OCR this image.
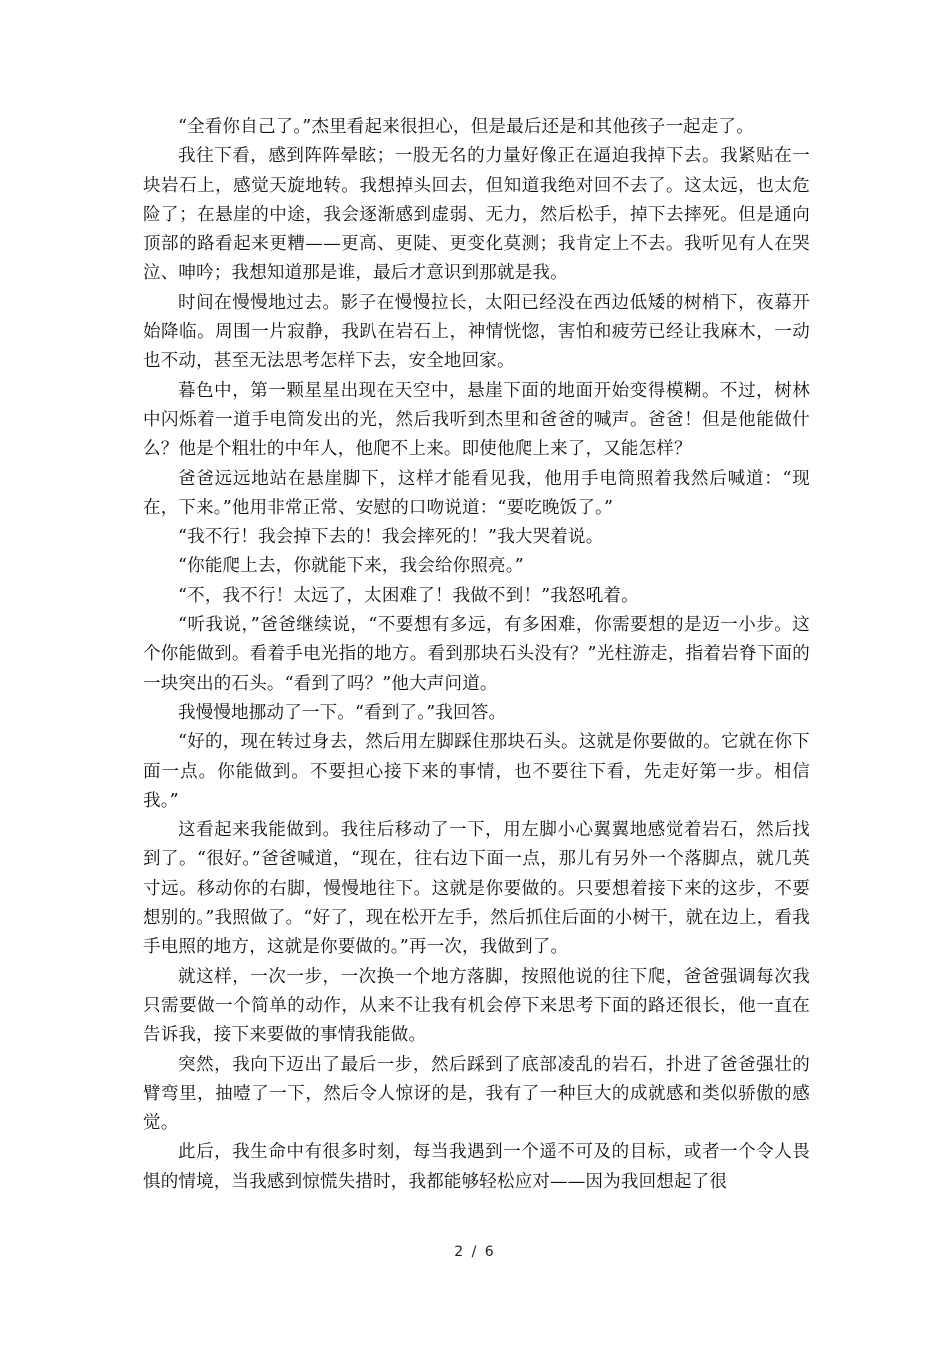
“全看你自己了。”杰里看起来很担心，但是最后还是和其他孩子一起走了。

我往下看，感到阵阵晕眩；一股无名的力量好像正在逼迫我掉下去。我紧贴在一块岩石上，感觉天旋地转。我想掉头回去，但知道我绝对回不去了。这太远，也太危险了；在悬崖的中途，我会逐渐感到虚弱、无力，然后松手，掉下去摔死。但是通向顶部的路看起来更糟——更高、更陡、更变化莫测；我肯定上不去。我听见有人在哭泣、呻吟；我想知道那是谁，最后才意识到那就是我。

时间在慢慢地过去。影子在慢慢拉长，太阳已经没在西边低矮的树梢下，夜幕开始降临。周围一片寂静，我趴在岩石上，神情恍惚，害怕和疲劳已经让我麻木，一动也不动，甚至无法思考怎样下去，安全地回家。

暮色中，第一颗星星出现在天空中，悬崖下面的地面开始变得模糊。不过，树林中闪烁着一道手电筒发出的光，然后我听到杰里和爸爸的喊声。爸爸！但是他能做什么？他是个粗壮的中年人，他爬不上来。即使他爬上来了，又能怎样？

爸爸远远地站在悬崖脚下，这样才能看见我，他用手电筒照着我然后喊道：“现在，下来。”他用非常正常、安慰的口吻说道：“要吃晚饭了。”

“我不行！我会掉下去的！我会摔死的！”我大哭着说。

“你能爬上去，你就能下来，我会给你照亮。”

“不，我不行！太远了，太困难了！我做不到！”我怒吼着。

“听我说，”爸爸继续说，“不要想有多远，有多困难，你需要想的是迈一小步。这个你能做到。看着手电光指的地方。看到那块石头没有？”光柱游走，指着岩脊下面的一块突出的石头。“看到了吗？”他大声问道。

我慢慢地挪动了一下。“看到了。”我回答。

“好的，现在转过身去，然后用左脚踩住那块石头。这就是你要做的。它就在你下面一点。你能做到。不要担心接下来的事情，也不要往下看，先走好第一步。相信我。”

这看起来我能做到。我往后移动了一下，用左脚小心翼翼地感觉着岩石，然后找到了。“很好。”爸爸喊道，“现在，往右边下面一点，那儿有另外一个落脚点，就几英寸远。移动你的右脚，慢慢地往下。这就是你要做的。只要想着接下来的这步，不要想别的。”我照做了。“好了，现在松开左手，然后抓住后面的小树干，就在边上，看我手电照的地方，这就是你要做的。”再一次，我做到了。

就这样，一次一步，一次换一个地方落脚，按照他说的往下爬，爸爸强调每次我只需要做一个简单的动作，从来不让我有机会停下来思考下面的路还很长，他一直在告诉我，接下来要做的事情我能做。

突然，我向下迈出了最后一步，然后踩到了底部凌乱的岩石，扑进了爸爸强壮的臂弯里，抽噎了一下，然后令人惊讶的是，我有了一种巨大的成就感和类似骄傲的感觉。

此后，我生命中有很多时刻，每当我遇到一个遥不可及的目标，或者一个令人畏惧的情境，当我感到惊慌失措时，我都能够轻松应对——因为我回想起了很

2 / 6
